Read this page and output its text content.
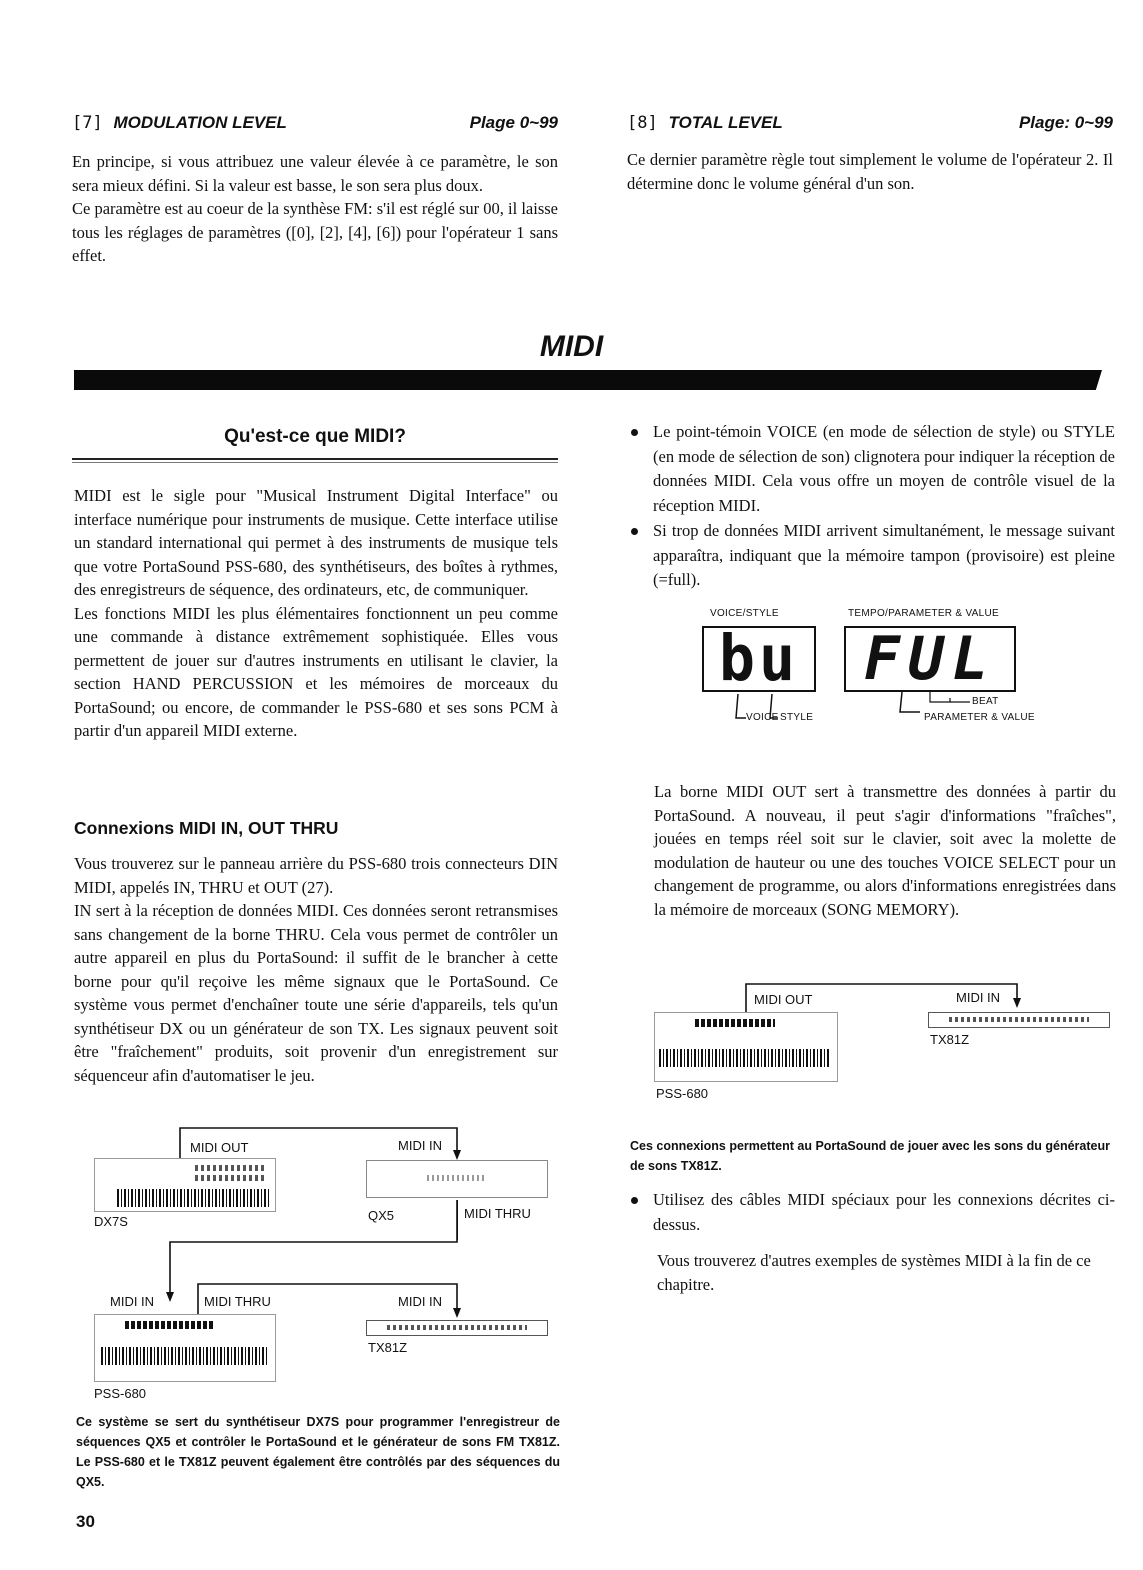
[7] MODULATION LEVEL	Plage 0~99

En principe, si vous attribuez une valeur élevée à ce paramètre, le son sera mieux défini. Si la valeur est basse, le son sera plus doux.

Ce paramètre est au coeur de la synthèse FM: s'il est réglé sur 00, il laisse tous les réglages de paramètres ([0], [2], [4], [6]) pour l'opérateur 1 sans effet.

[8] TOTAL LEVEL	Plage: 0~99

Ce dernier paramètre règle tout simplement le volume de l'opérateur 2. Il détermine donc le volume général d'un son.

MIDI
Qu'est-ce que MIDI?

MIDI est le sigle pour "Musical Instrument Digital Interface" ou interface numérique pour instruments de musique. Cette interface utilise un standard international qui permet à des instruments de musique tels que votre PortaSound PSS-680, des synthétiseurs, des boîtes à rythmes, des enregistreurs de séquence, des ordinateurs, etc, de communiquer.

Les fonctions MIDI les plus élémentaires fonctionnent un peu comme une commande à distance extrêmement sophistiquée. Elles vous permettent de jouer sur d'autres instruments en utilisant le clavier, la section HAND PERCUSSION et les mémoires de morceaux du PortaSound; ou encore, de commander le PSS-680 et ses sons PCM à partir d'un appareil MIDI externe.

Connexions MIDI IN, OUT THRU

Vous trouverez sur le panneau arrière du PSS-680 trois connecteurs DIN MIDI, appelés IN, THRU et OUT (27).

IN sert à la réception de données MIDI. Ces données seront retransmises sans changement de la borne THRU. Cela vous permet de contrôler un autre appareil en plus du PortaSound: il suffit de le brancher à cette borne pour qu'il reçoive les même signaux que le PortaSound. Ce système vous permet d'enchaîner toute une série d'appareils, tels qu'un synthétiseur DX ou un générateur de son TX. Les signaux peuvent soit être "fraîchement" produits, soit provenir d'un enregistrement sur séquenceur afin d'automatiser le jeu.

MIDI OUT	MIDI IN
DX7S	QX5	MIDI THRU
MIDI IN	MIDI THRU	MIDI IN
PSS-680
TX81Z
Ce système se sert du synthétiseur DX7S pour programmer l'enregistreur de séquences QX5 et contrôler le PortaSound et le générateur de sons FM TX81Z. Le PSS-680 et le TX81Z peuvent également être contrôlés par des séquences du QX5.
30
Le point-témoin VOICE (en mode de sélection de style) ou STYLE (en mode de sélection de son) clignotera pour indiquer la réception de données MIDI. Cela vous offre un moyen de contrôle visuel de la réception MIDI.
Si trop de données MIDI arrivent simultanément, le message suivant apparaîtra, indiquant que la mémoire tampon (provisoire) est pleine (=full).
VOICE/STYLE	TEMPO/PARAMETER & VALUE
bu FUL
VOICE STYLE
BEAT
PARAMETER & VALUE

La borne MIDI OUT sert à transmettre des données à partir du PortaSound. A nouveau, il peut s'agir d'informations "fraîches", jouées en temps réel soit sur le clavier, soit avec la molette de modulation de hauteur ou une des touches VOICE SELECT pour un changement de programme, ou alors d'informations enregistrées dans la mémoire de morceaux (SONG MEMORY).

MIDI OUT	MIDI IN
PSS-680
TX81Z
Ces connexions permettent au PortaSound de jouer avec les sons du générateur de sons TX81Z.
Utilisez des câbles MIDI spéciaux pour les connexions décrites ci-dessus.

Vous trouverez d'autres exemples de systèmes MIDI à la fin de ce chapitre.
